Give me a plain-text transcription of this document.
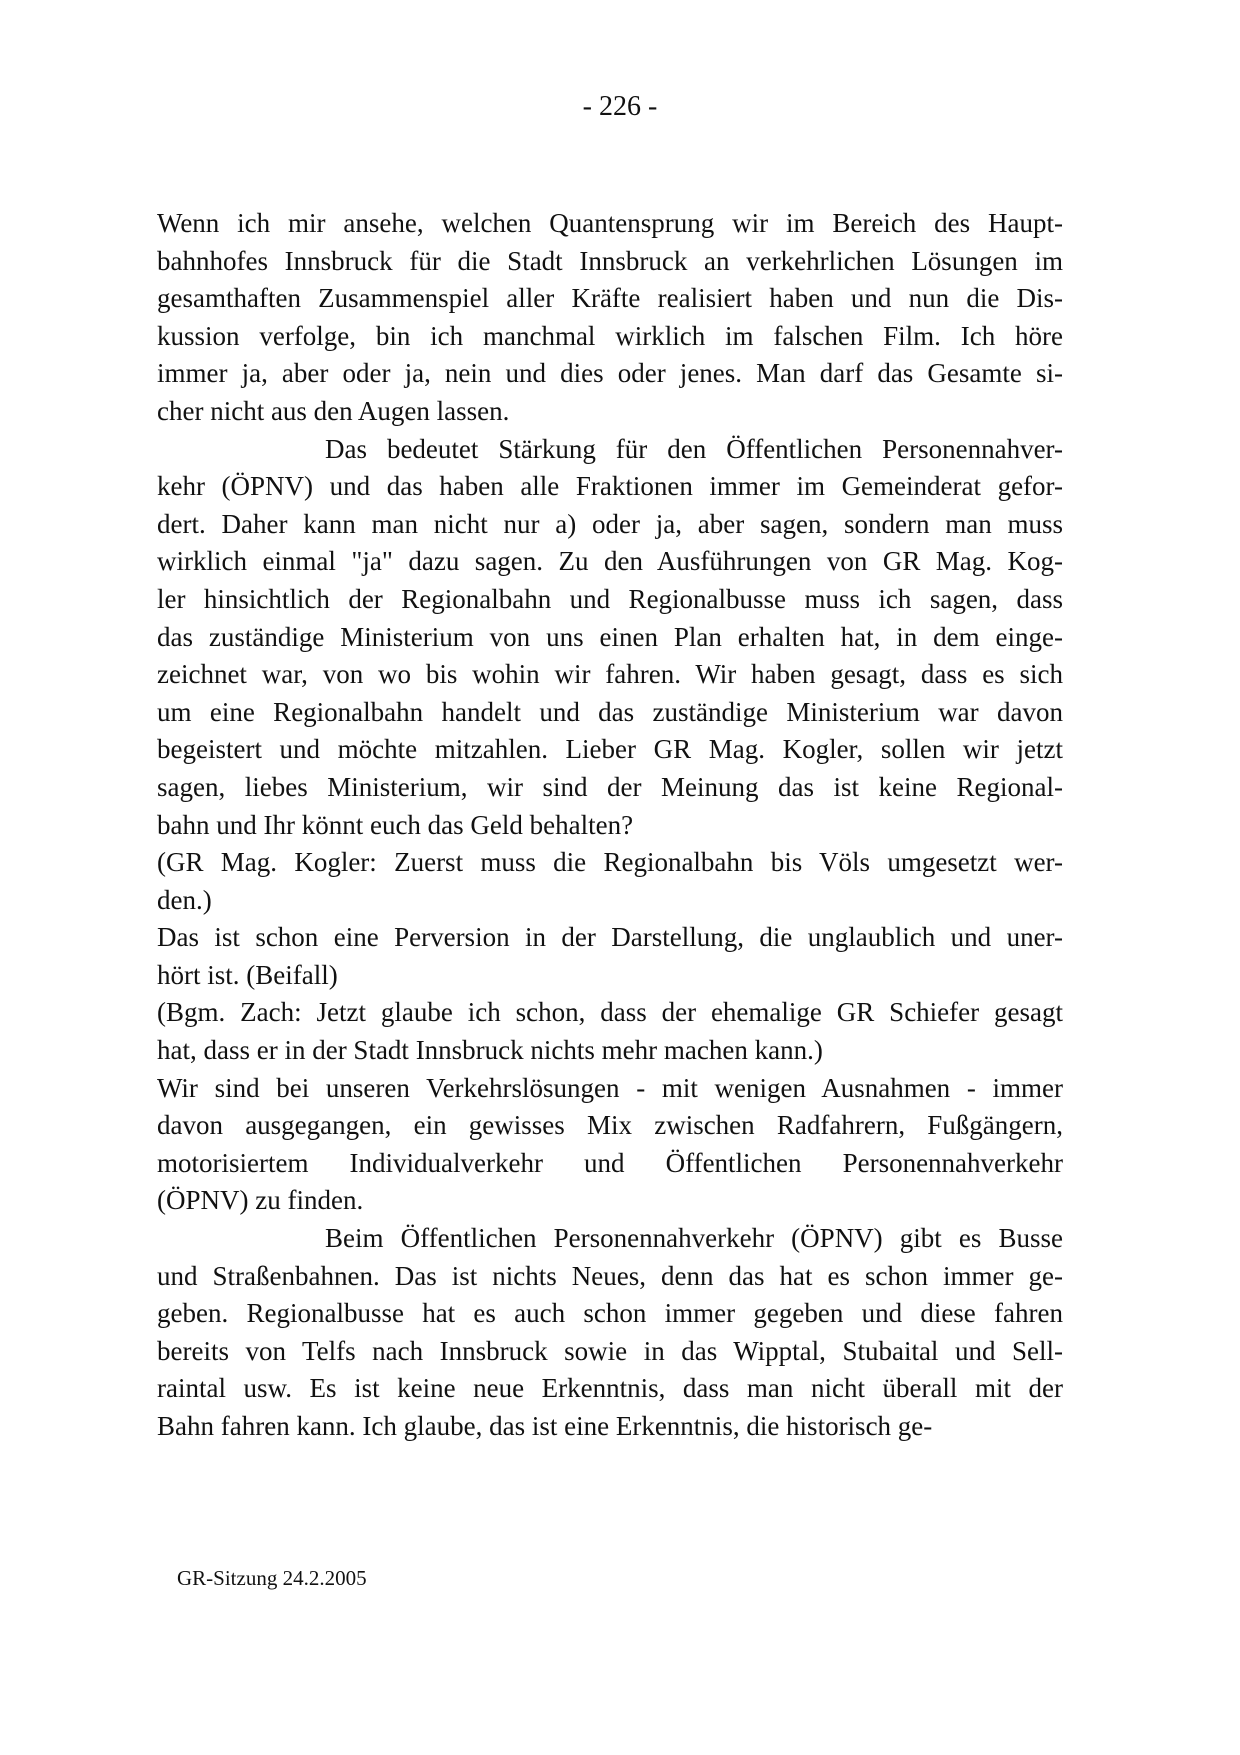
- 226 -
Wenn ich mir ansehe, welchen Quantensprung wir im Bereich des Haupt-
bahnhofes Innsbruck für die Stadt Innsbruck an verkehrlichen Lösungen im
gesamthaften Zusammenspiel aller Kräfte realisiert haben und nun die Dis-
kussion verfolge, bin ich manchmal wirklich im falschen Film. Ich höre
immer ja, aber oder ja, nein und dies oder jenes. Man darf das Gesamte si-
cher nicht aus den Augen lassen.
Das bedeutet Stärkung für den Öffentlichen Personennahver-
kehr (ÖPNV) und das haben alle Fraktionen immer im Gemeinderat gefor-
dert. Daher kann man nicht nur a) oder ja, aber sagen, sondern man muss
wirklich einmal "ja" dazu sagen. Zu den Ausführungen von GR Mag. Kog-
ler hinsichtlich der Regionalbahn und Regionalbusse muss ich sagen, dass
das zuständige Ministerium von uns einen Plan erhalten hat, in dem einge-
zeichnet war, von wo bis wohin wir fahren. Wir haben gesagt, dass es sich
um eine Regionalbahn handelt und das zuständige Ministerium war davon
begeistert und möchte mitzahlen. Lieber GR Mag. Kogler, sollen wir jetzt
sagen, liebes Ministerium, wir sind der Meinung das ist keine Regional-
bahn und Ihr könnt euch das Geld behalten?
(GR Mag. Kogler: Zuerst muss die Regionalbahn bis Völs umgesetzt wer-
den.)
Das ist schon eine Perversion in der Darstellung, die unglaublich und uner-
hört ist. (Beifall)
(Bgm. Zach: Jetzt glaube ich schon, dass der ehemalige GR Schiefer gesagt
hat, dass er in der Stadt Innsbruck nichts mehr machen kann.)
Wir sind bei unseren Verkehrslösungen - mit wenigen Ausnahmen - immer
davon ausgegangen, ein gewisses Mix zwischen Radfahrern, Fußgängern,
motorisiertem Individualverkehr und Öffentlichen Personennahverkehr
(ÖPNV) zu finden.
Beim Öffentlichen Personennahverkehr (ÖPNV) gibt es Busse
und Straßenbahnen. Das ist nichts Neues, denn das hat es schon immer ge-
geben. Regionalbusse hat es auch schon immer gegeben und diese fahren
bereits von Telfs nach Innsbruck sowie in das Wipptal, Stubaital und Sell-
raintal usw. Es ist keine neue Erkenntnis, dass man nicht überall mit der
Bahn fahren kann. Ich glaube, das ist eine Erkenntnis, die historisch ge-
GR-Sitzung 24.2.2005
